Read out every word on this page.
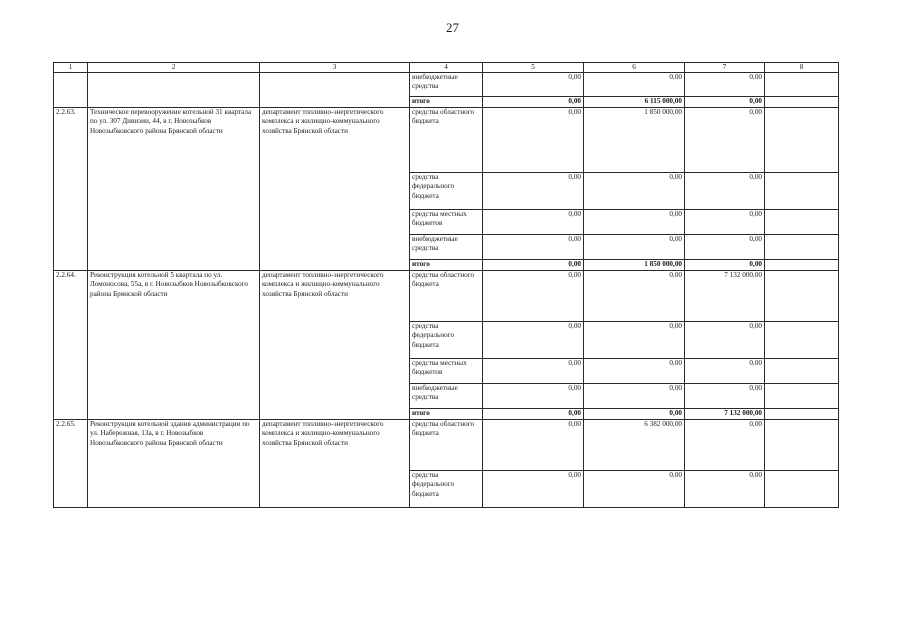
27
1	2	3	4	5	6	7	8
			внебюджетные средства	0,00	0,00	0,00	
			итого	0,00	6 115 000,00	0,00	
2.2.63.	Техническое перевооружение котельной 31 квартала по ул. 307 Дивизии, 44, в г. Новозыбков Новозыбковского района Брянской области	департамент топливно-энергетического комплекса и жилищно-коммунального хозяйства Брянской области	средства областного бюджета	0,00	1 850 000,00	0,00	
			средства федерального бюджета	0,00	0,00	0,00	
			средства местных бюджетов	0,00	0,00	0,00	
			внебюджетные средства	0,00	0,00	0,00	
			итого	0,00	1 850 000,00	0,00	
2.2.64.	Реконструкция котельной 5 квартала по ул. Ломоносова, 55а, в г. Новозыбков Новозыбковского района Брянской области	департамент топливно-энергетического комплекса и жилищно-коммунального хозяйства Брянской области	средства областного бюджета	0,00	0,00	7 132 000,00	
			средства федерального бюджета	0,00	0,00	0,00	
			средства местных бюджетов	0,00	0,00	0,00	
			внебюджетные средства	0,00	0,00	0,00	
			итого	0,00	0,00	7 132 000,00	
2.2.65.	Реконструкция котельной здания администрации по ул. Набережная, 13а, в г. Новозыбков Новозыбковского района Брянской области	департамент топливно-энергетического комплекса и жилищно-коммунального хозяйства Брянской области	средства областного бюджета	0,00	6 382 000,00	0,00	
			средства федерального бюджета	0,00	0,00	0,00	
